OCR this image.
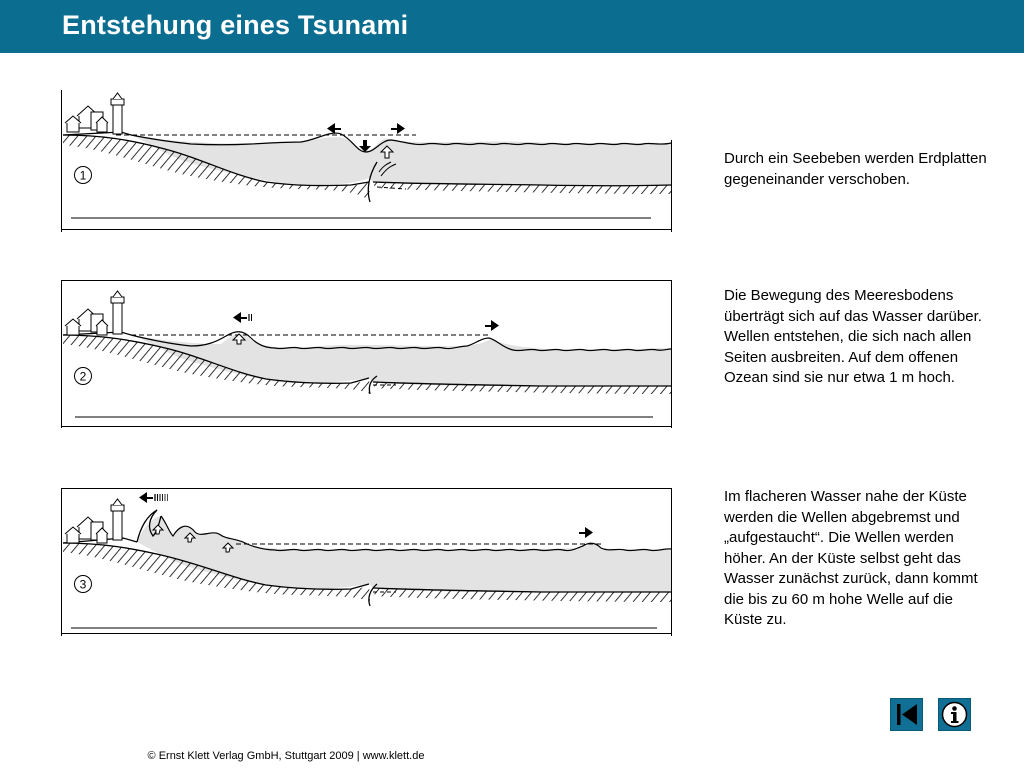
Entstehung eines Tsunami
1
2
3
Durch ein Seebeben werden Erdplatten gegeneinander verschoben.
Die Bewegung des Meeresbodens überträgt sich auf das Wasser darüber. Wellen entstehen, die sich nach allen Seiten ausbreiten. Auf dem offenen Ozean sind sie nur etwa 1 m hoch.
Im flacheren Wasser nahe der Küste werden die Wellen abgebremst und „aufgestaucht“. Die Wellen werden höher. An der Küste selbst geht das Wasser zunächst zurück, dann kommt die bis zu 60 m hohe Welle auf die Küste zu.
© Ernst Klett Verlag GmbH, Stuttgart 2009 | www.klett.de
